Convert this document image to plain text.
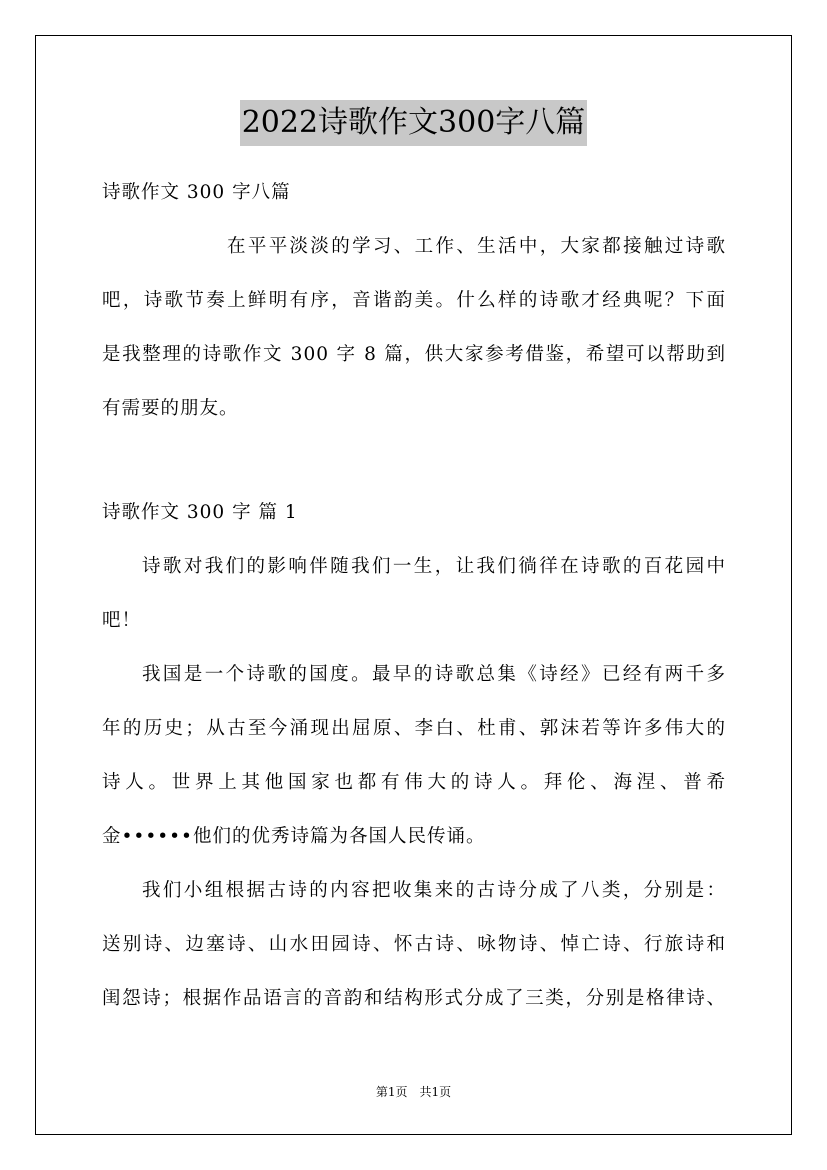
2022诗歌作文300字八篇
诗歌作文 300 字八篇
在平平淡淡的学习、工作、生活中，大家都接触过诗歌
吧，诗歌节奏上鲜明有序，音谐韵美。什么样的诗歌才经典呢？下面
是我整理的诗歌作文 300 字 8 篇，供大家参考借鉴，希望可以帮助到
有需要的朋友。
诗歌作文 300 字 篇 1
诗歌对我们的影响伴随我们一生，让我们徜徉在诗歌的百花园中
吧！
我国是一个诗歌的国度。最早的诗歌总集《诗经》已经有两千多
年的历史；从古至今涌现出屈原、李白、杜甫、郭沫若等许多伟大的
诗人。世界上其他国家也都有伟大的诗人。拜伦、海涅、普希
金••••••他们的优秀诗篇为各国人民传诵。
我们小组根据古诗的内容把收集来的古诗分成了八类，分别是：
送别诗、边塞诗、山水田园诗、怀古诗、咏物诗、悼亡诗、行旅诗和
闺怨诗；根据作品语言的音韵和结构形式分成了三类，分别是格律诗、
第1页　共1页
